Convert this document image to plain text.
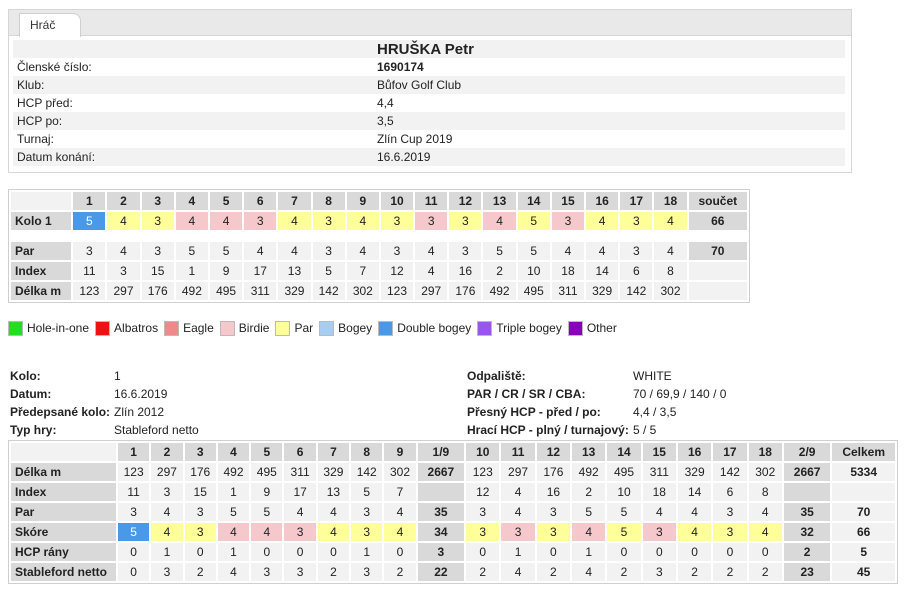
Hráč
	HRUŠKA Petr
Členské číslo:	1690174
Klub:	Bůfov Golf Club
HCP před:	4,4
HCP po:	3,5
Turnaj:	Zlín Cup 2019
Datum konání:	16.6.2019
	1	2	3	4	5	6	7	8	9	10	11	12	13	14	15	16	17	18	součet
Kolo 1	5	4	3	4	4	3	4	3	4	3	3	3	4	5	3	4	3	4	66

Par	3	4	3	5	5	4	4	3	4	3	4	3	5	5	4	4	3	4	70
Index	11	3	15	1	9	17	13	5	7	12	4	16	2	10	18	14	6	8	
Délka m	123	297	176	492	495	311	329	142	302	123	297	176	492	495	311	329	142	302	
Hole-in-one Albatros Eagle Birdie Par Bogey Double bogey Triple bogey Other
Kolo:	1
Datum:	16.6.2019
Předepsané kolo: Zlín 2012
Typ hry:	Stableford netto
Odpaliště:	WHITE
PAR / CR / SR / CBA:	70 / 69,9 / 140 / 0
Přesný HCP - před / po:	4,4 / 3,5
Hrací HCP - plný / turnajový: 5 / 5
	1	2	3	4	5	6	7	8	9	1/9	10	11	12	13	14	15	16	17	18	2/9	Celkem
Délka m	123	297	176	492	495	311	329	142	302	2667	123	297	176	492	495	311	329	142	302	2667	5334
Index	11	3	15	1	9	17	13	5	7		12	4	16	2	10	18	14	6	8		
Par	3	4	3	5	5	4	4	3	4	35	3	4	3	5	5	4	4	3	4	35	70
Skóre	5	4	3	4	4	3	4	3	4	34	3	3	3	4	5	3	4	3	4	32	66
HCP rány	0	1	0	1	0	0	0	1	0	3	0	1	0	1	0	0	0	0	0	2	5
Stableford netto	0	3	2	4	3	3	2	3	2	22	2	4	2	4	2	3	2	2	2	23	45
